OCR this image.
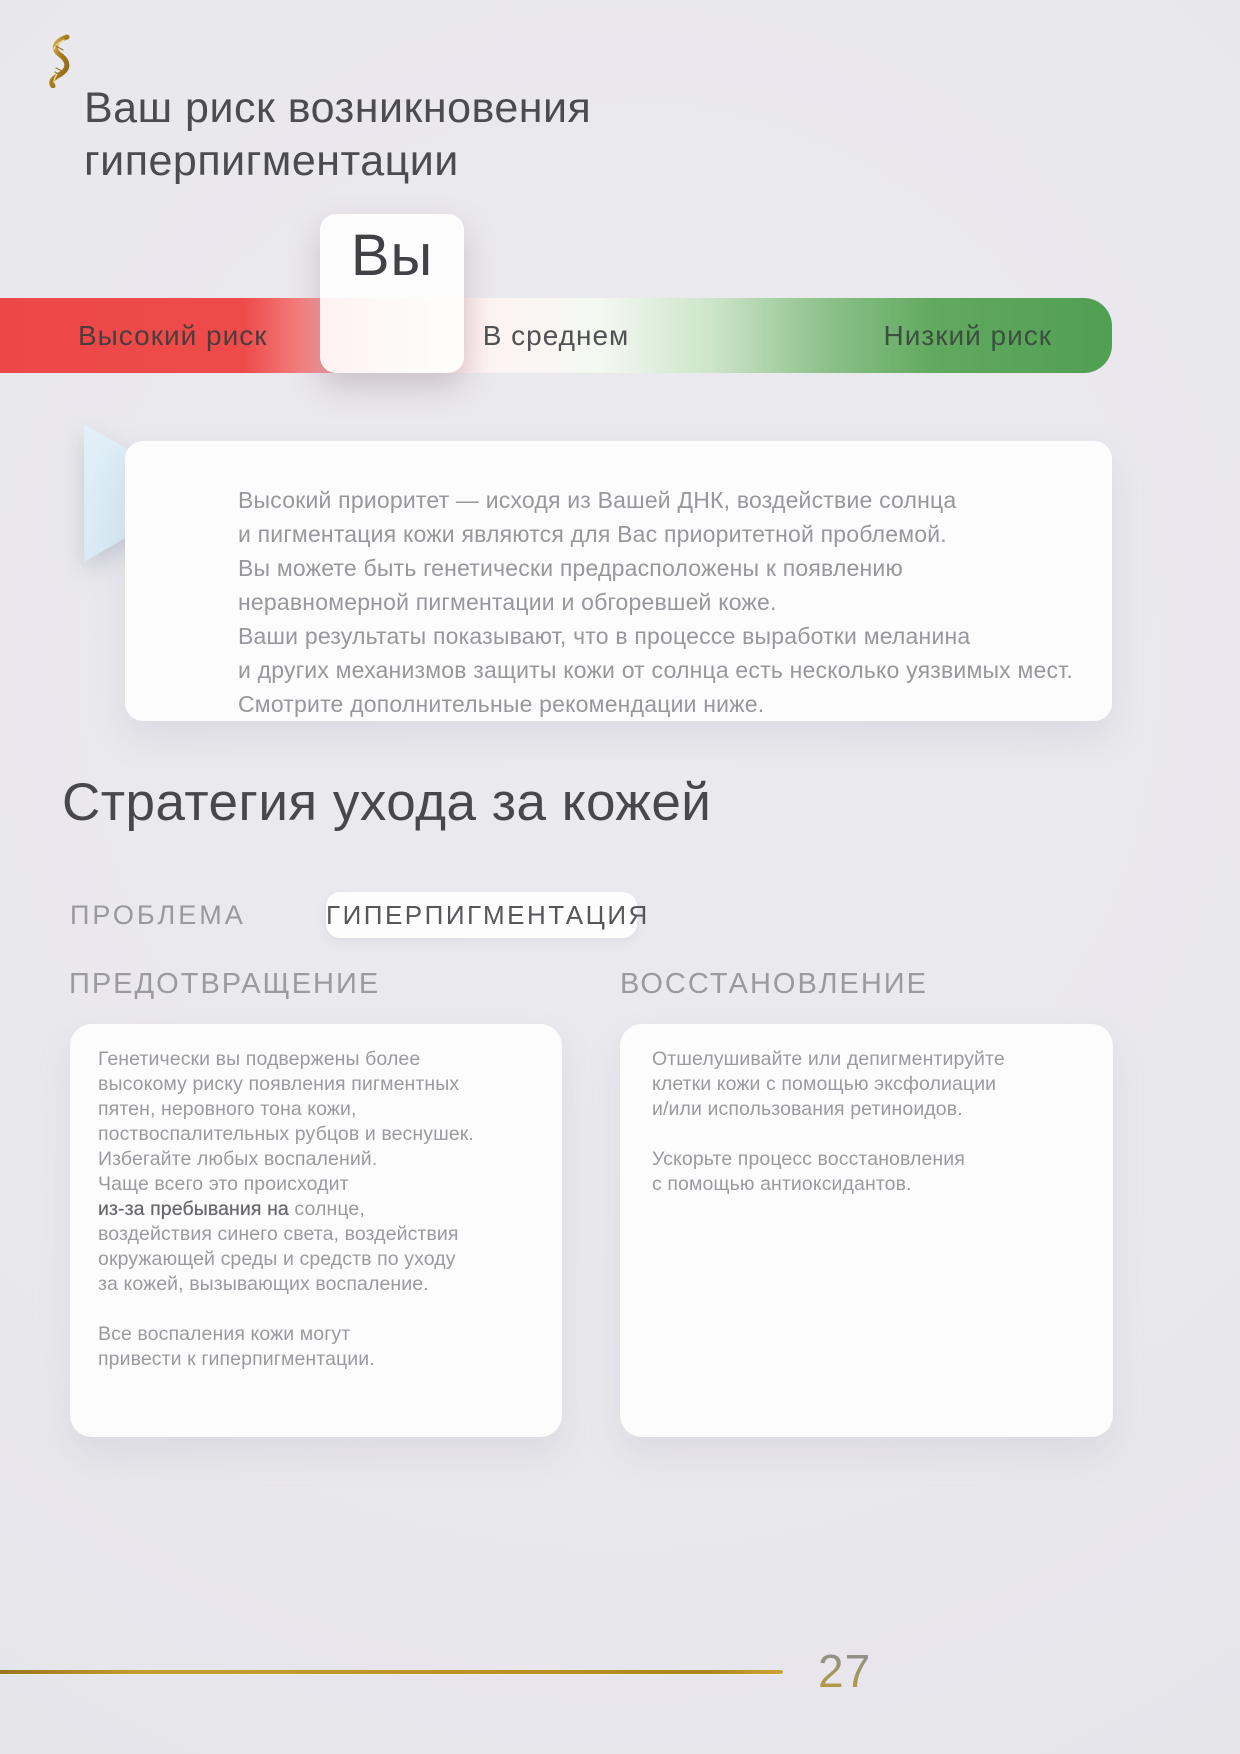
Ваш риск возникновения
гиперпигментации
Высокий риск	В среднем	Низкий риск
Вы
Высокий приоритет — исходя из Вашей ДНК, воздействие солнца
и пигментация кожи являются для Вас приоритетной проблемой.
Вы можете быть генетически предрасположены к появлению
неравномерной пигментации и обгоревшей коже.
Ваши результаты показывают, что в процессе выработки меланина
и других механизмов защиты кожи от солнца есть несколько уязвимых мест.
Смотрите дополнительные рекомендации ниже.
Стратегия ухода за кожей
ПРОБЛЕМА	ГИПЕРПИГМЕНТАЦИЯ
ПРЕДОТВРАЩЕНИЕ	ВОССТАНОВЛЕНИЕ
Генетически вы подвержены более
высокому риску появления пигментных
пятен, неровного тона кожи,
поствоспалительных рубцов и веснушек.
Избегайте любых воспалений.
Чаще всего это происходит
из-за пребывания на солнце,
воздействия синего света, воздействия
окружающей среды и средств по уходу
за кожей, вызывающих воспаление.
Все воспаления кожи могут
привести к гиперпигментации.
Отшелушивайте или депигментируйте
клетки кожи с помощью эксфолиации
и/или использования ретиноидов.
Ускорьте процесс восстановления
с помощью антиоксидантов.
27
